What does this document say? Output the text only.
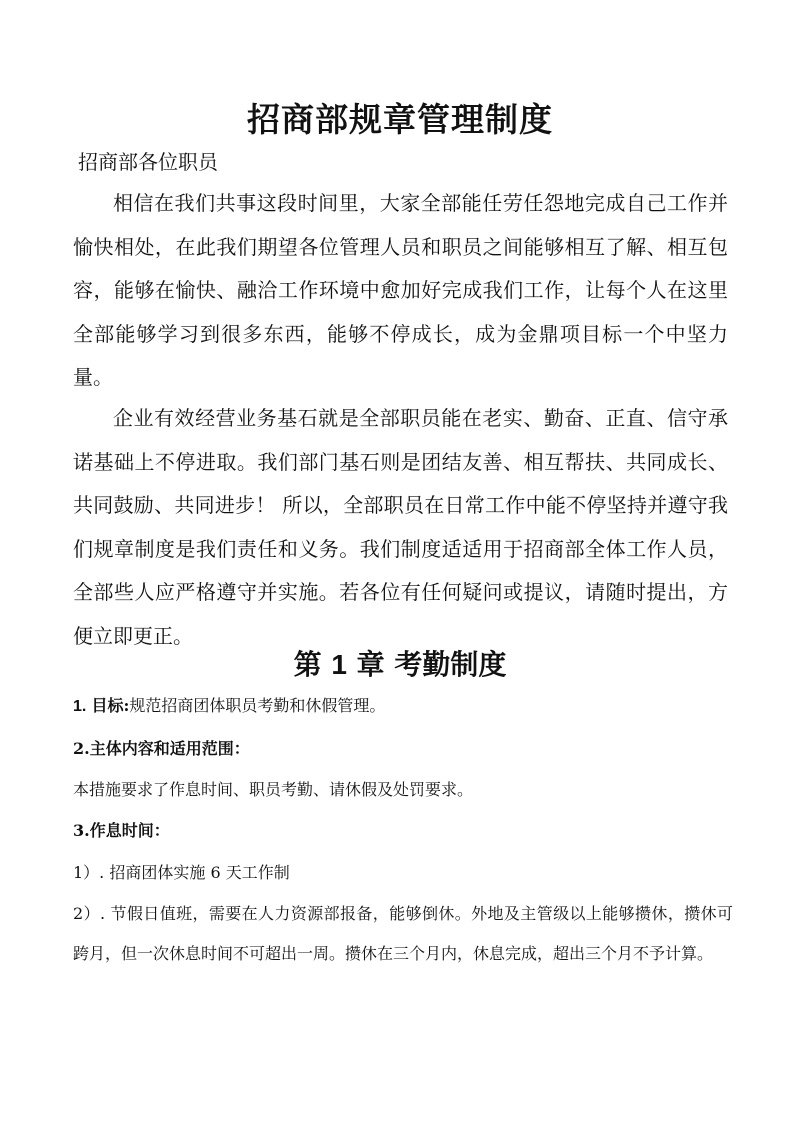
招商部规章管理制度
招商部各位职员

相信在我们共事这段时间里，大家全部能任劳任怨地完成自己工作并愉快相处，在此我们期望各位管理人员和职员之间能够相互了解、相互包容，能够在愉快、融洽工作环境中愈加好完成我们工作，让每个人在这里全部能够学习到很多东西，能够不停成长，成为金鼎项目标一个中坚力量。

企业有效经营业务基石就是全部职员能在老实、勤奋、正直、信守承诺基础上不停进取。我们部门基石则是团结友善、相互帮扶、共同成长、共同鼓励、共同进步！ 所以，全部职员在日常工作中能不停坚持并遵守我们规章制度是我们责任和义务。我们制度适适用于招商部全体工作人员，全部些人应严格遵守并实施。若各位有任何疑问或提议，请随时提出，方便立即更正。

第 1 章 考勤制度

1. 目标:规范招商团体职员考勤和休假管理。

2.主体内容和适用范围：

本措施要求了作息时间、职员考勤、请休假及处罚要求。

3.作息时间：

1）. 招商团体实施 6 天工作制

2）. 节假日值班，需要在人力资源部报备，能够倒休。外地及主管级以上能够攒休，攒休可跨月，但一次休息时间不可超出一周。攒休在三个月内，休息完成，超出三个月不予计算。
